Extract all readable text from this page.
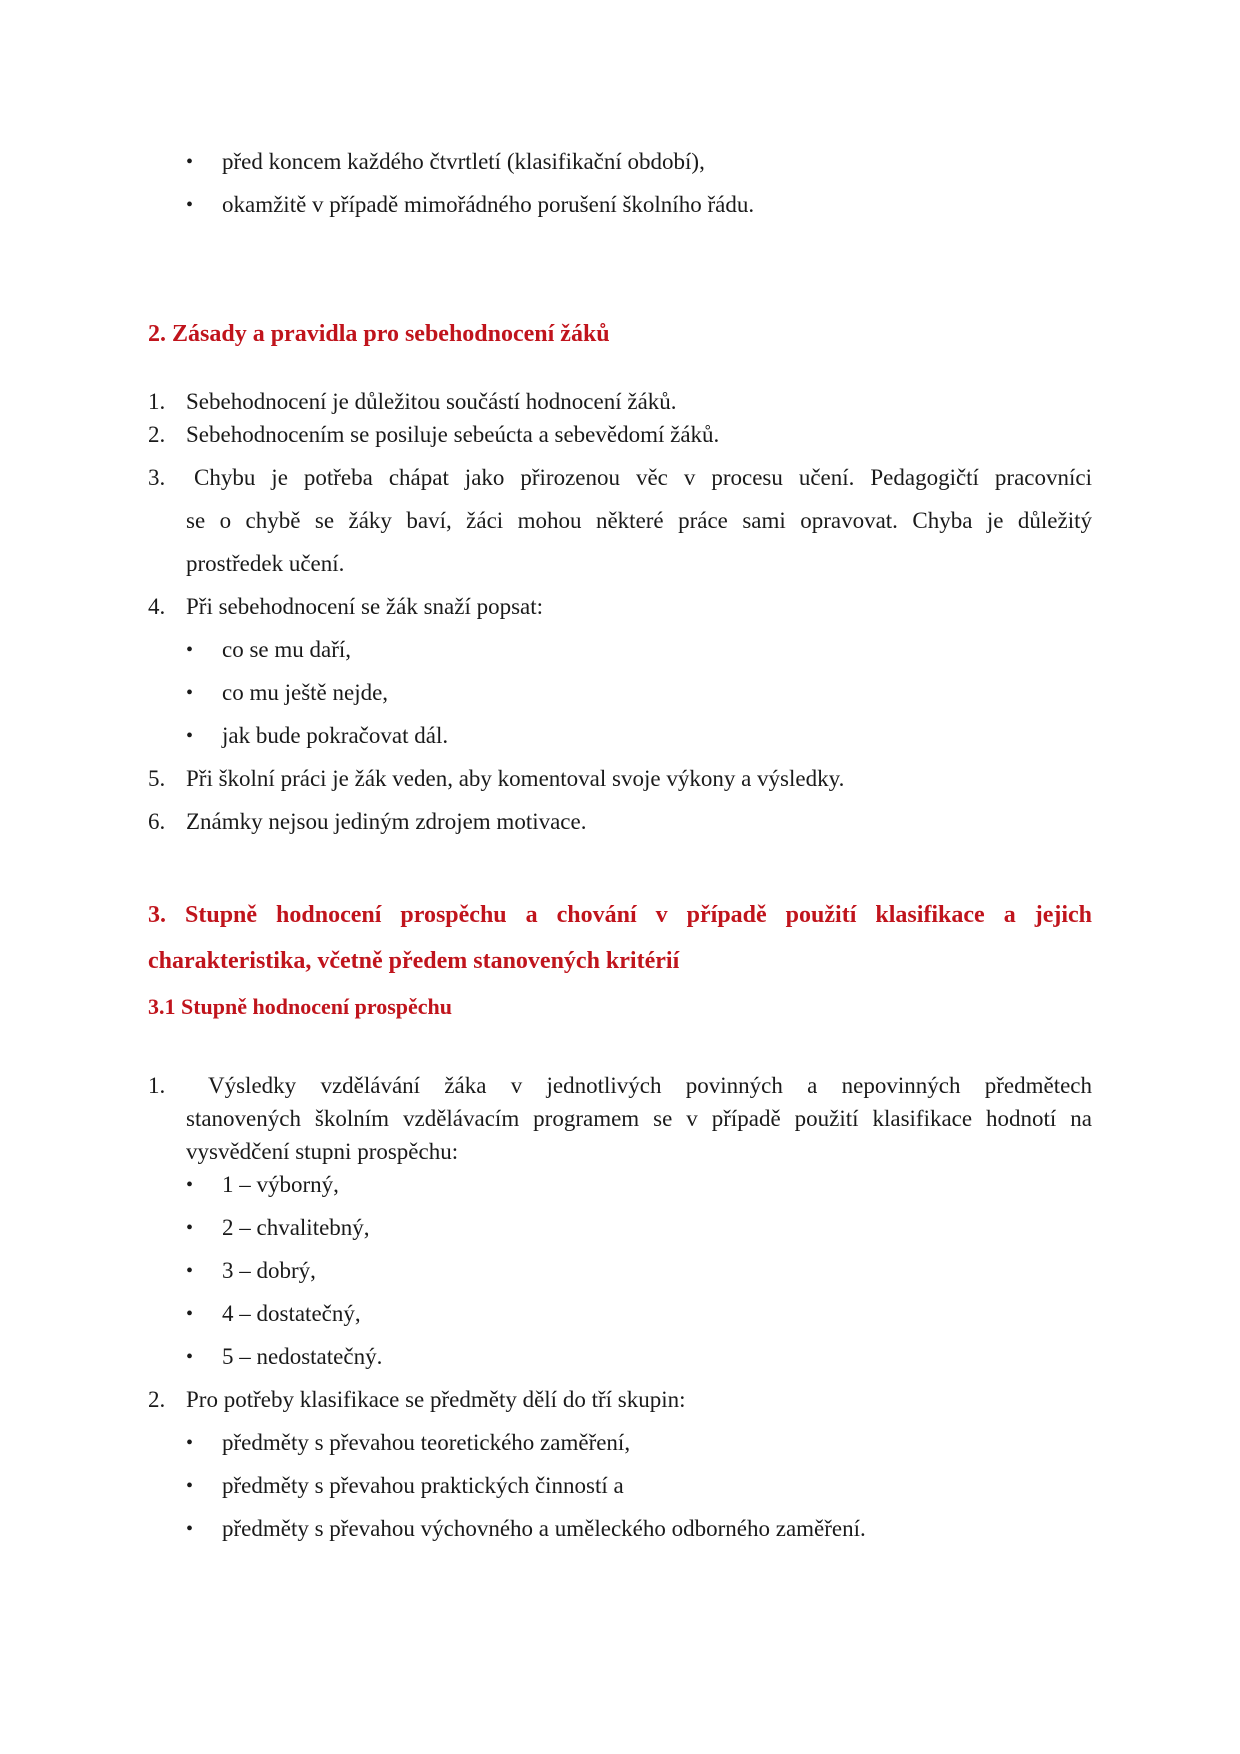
• před koncem každého čtvrtletí (klasifikační období),
• okamžitě v případě mimořádného porušení školního řádu.
2. Zásady a pravidla pro sebehodnocení žáků
1. Sebehodnocení je důležitou součástí hodnocení žáků.
2. Sebehodnocením se posiluje sebeúcta a sebevědomí žáků.
3. Chybu je potřeba chápat jako přirozenou věc v procesu učení. Pedagogičtí pracovníci
se o chybě se žáky baví, žáci mohou některé práce sami opravovat. Chyba je důležitý
prostředek učení.
4. Při sebehodnocení se žák snaží popsat:
• co se mu daří,
• co mu ještě nejde,
• jak bude pokračovat dál.
5. Při školní práci je žák veden, aby komentoval svoje výkony a výsledky.
6. Známky nejsou jediným zdrojem motivace.
3. Stupně hodnocení prospěchu a chování v případě použití klasifikace a jejich
charakteristika, včetně předem stanovených kritérií
3.1 Stupně hodnocení prospěchu
1. Výsledky vzdělávání žáka v jednotlivých povinných a nepovinných předmětech
stanovených školním vzdělávacím programem se v případě použití klasifikace hodnotí na
vysvědčení stupni prospěchu:
• 1 – výborný,
• 2 – chvalitebný,
• 3 – dobrý,
• 4 – dostatečný,
• 5 – nedostatečný.
2. Pro potřeby klasifikace se předměty dělí do tří skupin:
• předměty s převahou teoretického zaměření,
• předměty s převahou praktických činností a
• předměty s převahou výchovného a uměleckého odborného zaměření.
